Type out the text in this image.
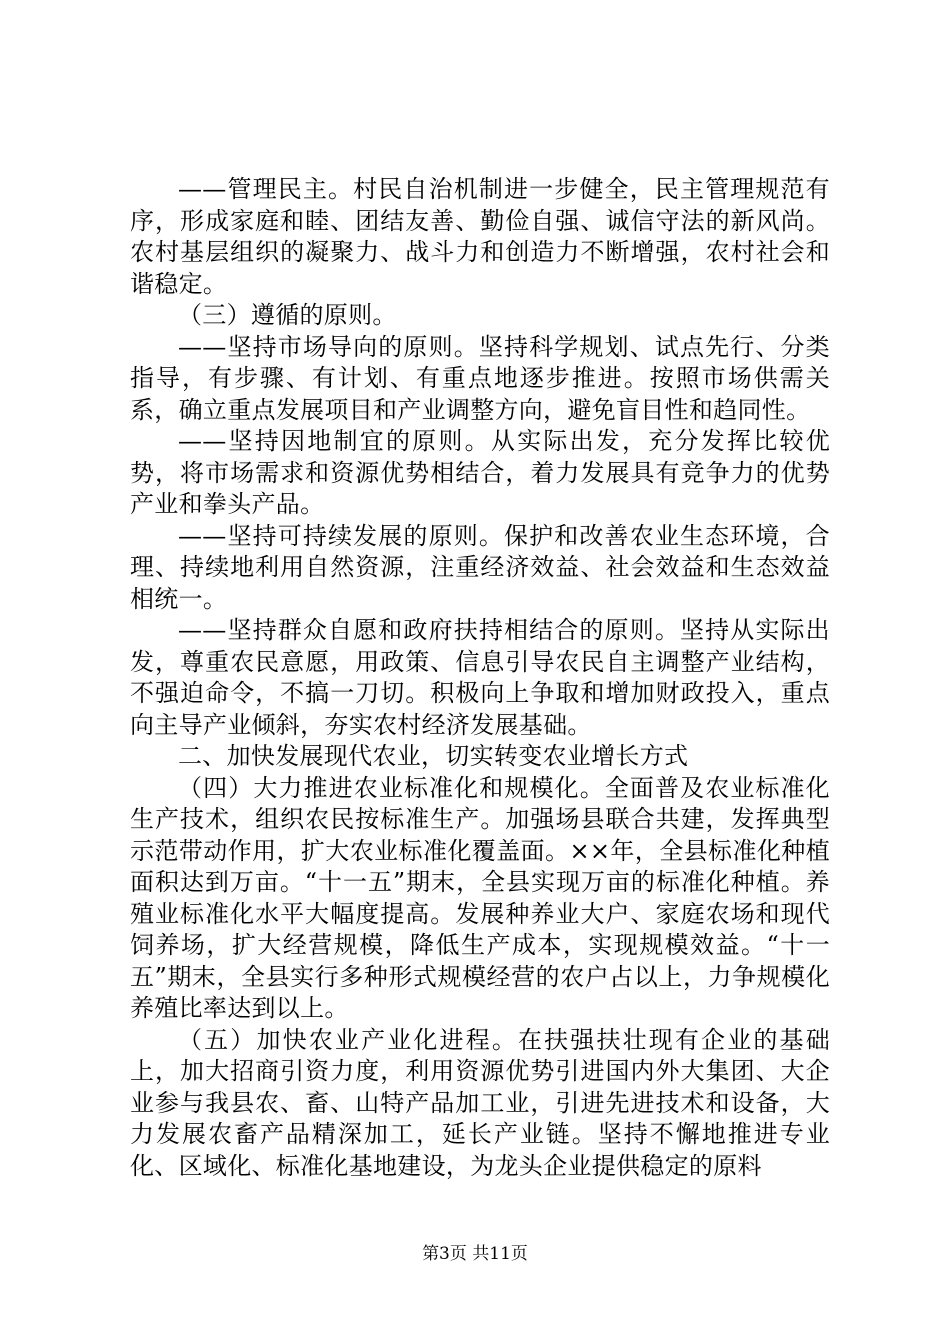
——管理民主。村民自治机制进一步健全，民主管理规范有序，形成家庭和睦、团结友善、勤俭自强、诚信守法的新风尚。农村基层组织的凝聚力、战斗力和创造力不断增强，农村社会和谐稳定。

（三）遵循的原则。

——坚持市场导向的原则。坚持科学规划、试点先行、分类指导，有步骤、有计划、有重点地逐步推进。按照市场供需关系，确立重点发展项目和产业调整方向，避免盲目性和趋同性。

——坚持因地制宜的原则。从实际出发，充分发挥比较优势，将市场需求和资源优势相结合，着力发展具有竞争力的优势产业和拳头产品。

——坚持可持续发展的原则。保护和改善农业生态环境，合理、持续地利用自然资源，注重经济效益、社会效益和生态效益相统一。

——坚持群众自愿和政府扶持相结合的原则。坚持从实际出发，尊重农民意愿，用政策、信息引导农民自主调整产业结构，不强迫命令，不搞一刀切。积极向上争取和增加财政投入，重点向主导产业倾斜，夯实农村经济发展基础。

二、加快发展现代农业，切实转变农业增长方式

（四）大力推进农业标准化和规模化。全面普及农业标准化生产技术，组织农民按标准生产。加强场县联合共建，发挥典型示范带动作用，扩大农业标准化覆盖面。××年，全县标准化种植面积达到万亩。“十一五”期末，全县实现万亩的标准化种植。养殖业标准化水平大幅度提高。发展种养业大户、家庭农场和现代饲养场，扩大经营规模，降低生产成本，实现规模效益。“十一五”期末，全县实行多种形式规模经营的农户占以上，力争规模化养殖比率达到以上。

（五）加快农业产业化进程。在扶强扶壮现有企业的基础上，加大招商引资力度，利用资源优势引进国内外大集团、大企业参与我县农、畜、山特产品加工业，引进先进技术和设备，大力发展农畜产品精深加工，延长产业链。坚持不懈地推进专业化、区域化、标准化基地建设，为龙头企业提供稳定的原料

第3页 共11页
